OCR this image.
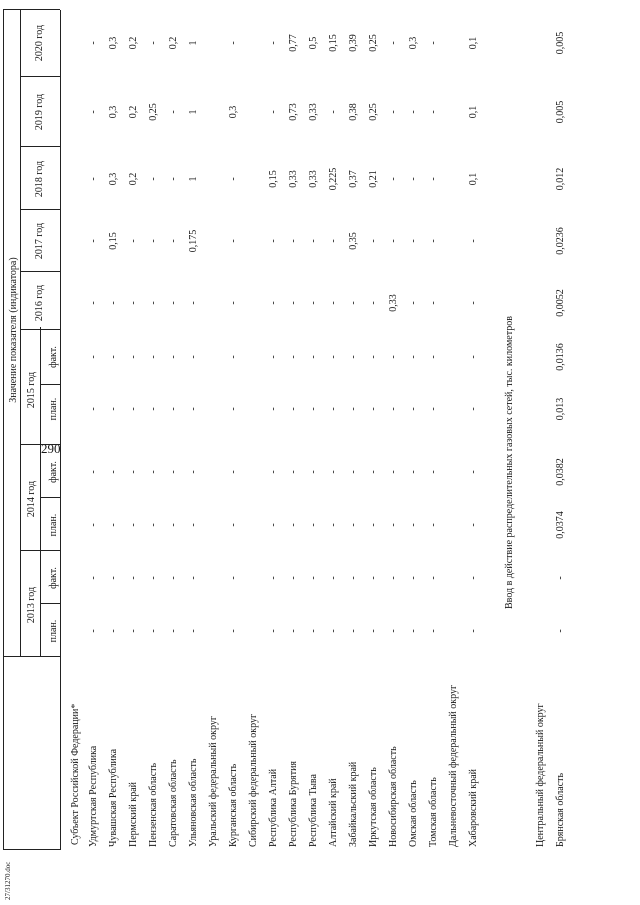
290
27/31270.doc
Субъект Российской Федерации*
Значение показателя (индикатора)
2013 год
2014 год
2015 год
2016 год
2017 год
2018 год
2019 год
2020 год
план.
факт.
план.
факт.
план.
факт.	Ввод в действие распределительных газовых сетей, тыс. километров
Удмуртская Республика
-
-
-
-
-
-
-
-
-
-
-
Чувашская Республика
-
-
-
-
-
-
-
0,15
0,3
0,3
0,3
Пермский край
-
-
-
-
-
-
-
-
0,2
0,2
0,2
Пензенская область
-
-
-
-
-
-
-
-
-
0,25
-
Саратовская область
-
-
-
-
-
-
-
-
-
-
0,2
Ульяновская область
-
-
-
-
-
-
-
0,175
1
1
1
Уральский федеральный округ Курганская область
-
-
-
-
-
-
-
-
-
0,3
-
Сибирский федеральный округ Республика Алтай
-
-
-
-
-
-
-
-
0,15
-
-
Республика Бурятия
-
-
-
-
-
-
-
-
0,33
0,73
0,77
Республика Тыва
-
-
-
-
-
-
-
-
0,33
0,33
0,5
Алтайский край
-
-
-
-
-
-
-
-
0,225
-
0,15
Забайкальский край
-
-
-
-
-
-
-
0,35
0,37
0,38
0,39
Иркутская область
-
-
-
-
-
-
-
-
0,21
0,25
0,25
Новосибирская область
-
-
-
-
-
-
0,33
-
-
-
-
Омская область
-
-
-
-
-
-
-
-
-
-
0,3
Томская область
-
-
-
-
-
-
-
-
-
-
-
Дальневосточный федеральный округ Хабаровский край
-
-
-
-
-
-
-
-
0,1
0,1
0,1
Центральный федеральный округ Брянская область
-
-
0,0374
0,0382
0,013
0,0136
0,0052
0,0236
0,012
0,005
0,005
